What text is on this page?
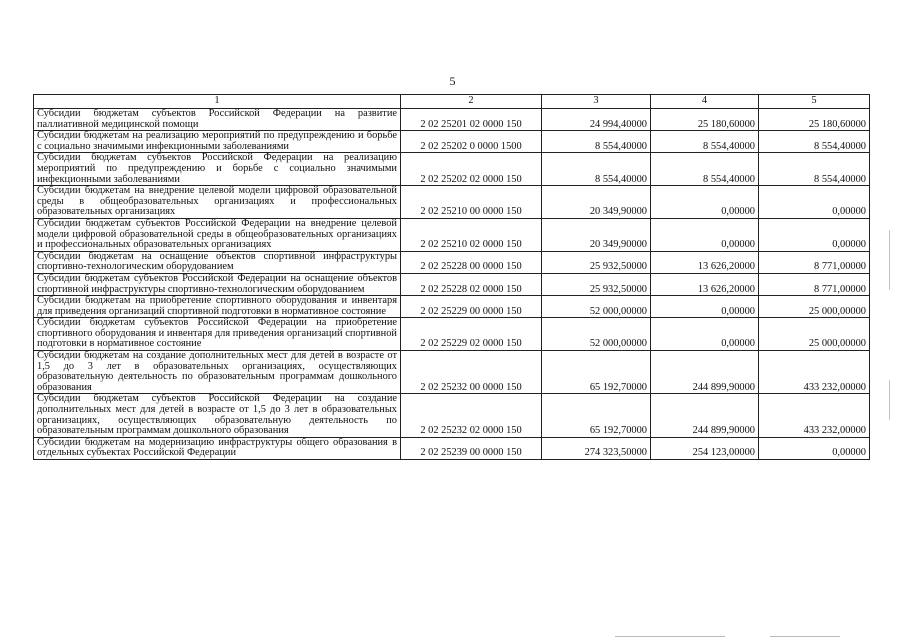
5
1	2	3	4	5
Субсидии бюджетам субъектов Российской Федерации на развитие паллиативной медицинской помощи	2 02 25201 02 0000 150	24 994,40000	25 180,60000	25 180,60000
Субсидии бюджетам на реализацию мероприятий по предупреждению и борьбе с социально значимыми инфекционными заболеваниями	2 02 25202 0 0000 1500	8 554,40000	8 554,40000	8 554,40000
Субсидии бюджетам субъектов Российской Федерации на реализацию мероприятий по предупреждению и борьбе с социально значимыми инфекционными заболеваниями	2 02 25202 02 0000 150	8 554,40000	8 554,40000	8 554,40000
Субсидии бюджетам на внедрение целевой модели цифровой образовательной среды в общеобразовательных организациях и профессиональных образовательных организациях	2 02 25210 00 0000 150	20 349,90000	0,00000	0,00000
Субсидии бюджетам субъектов Российской Федерации на внедрение целевой модели цифровой образовательной среды в общеобразовательных организациях и профессиональных образовательных организациях	2 02 25210 02 0000 150	20 349,90000	0,00000	0,00000
Субсидии бюджетам на оснащение объектов спортивной инфраструктуры спортивно-технологическим оборудованием	2 02 25228 00 0000 150	25 932,50000	13 626,20000	8 771,00000
Субсидии бюджетам субъектов Российской Федерации на оснащение объектов спортивной инфраструктуры спортивно-технологическим оборудованием	2 02 25228 02 0000 150	25 932,50000	13 626,20000	8 771,00000
Субсидии бюджетам на приобретение спортивного оборудования и инвентаря для приведения организаций спортивной подготовки в нормативное состояние	2 02 25229 00 0000 150	52 000,00000	0,00000	25 000,00000
Субсидии бюджетам субъектов Российской Федерации на приобретение спортивного оборудования и инвентаря для приведения организаций спортивной подготовки в нормативное состояние	2 02 25229 02 0000 150	52 000,00000	0,00000	25 000,00000
Субсидии бюджетам на создание дополнительных мест для детей в возрасте от 1,5 до 3 лет в образовательных организациях, осуществляющих образовательную деятельность по образовательным программам дошкольного образования	2 02 25232 00 0000 150	65 192,70000	244 899,90000	433 232,00000
Субсидии бюджетам субъектов Российской Федерации на создание дополнительных мест для детей в возрасте от 1,5 до 3 лет в образовательных организациях, осуществляющих образовательную деятельность по образовательным программам дошкольного образования	2 02 25232 02 0000 150	65 192,70000	244 899,90000	433 232,00000
Субсидии бюджетам на модернизацию инфраструктуры общего образования в отдельных субъектах Российской Федерации	2 02 25239 00 0000 150	274 323,50000	254 123,00000	0,00000
